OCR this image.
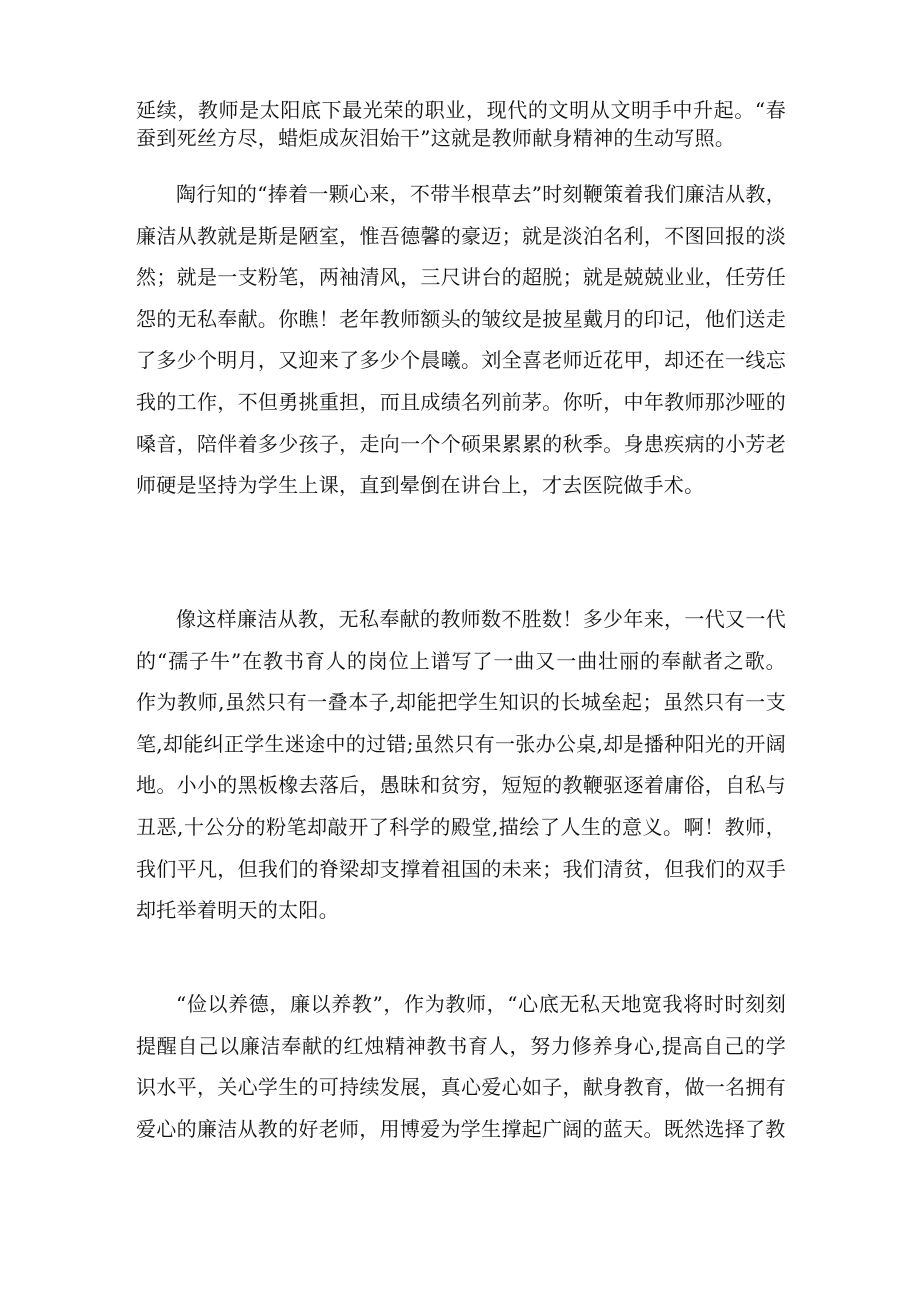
延续，教师是太阳底下最光荣的职业，现代的文明从文明手中升起。“春蚕到死丝方尽，蜡炬成灰泪始干”这就是教师献身精神的生动写照。

陶行知的“捧着一颗心来，不带半根草去”时刻鞭策着我们廉洁从教，廉洁从教就是斯是陋室，惟吾德馨的豪迈；就是淡泊名利，不图回报的淡然；就是一支粉笔，两袖清风，三尺讲台的超脱；就是兢兢业业，任劳任怨的无私奉献。你瞧！老年教师额头的皱纹是披星戴月的印记，他们送走了多少个明月，又迎来了多少个晨曦。刘全喜老师近花甲，却还在一线忘我的工作，不但勇挑重担，而且成绩名列前茅。你听，中年教师那沙哑的嗓音，陪伴着多少孩子，走向一个个硕果累累的秋季。身患疾病的小芳老师硬是坚持为学生上课，直到晕倒在讲台上，才去医院做手术。

像这样廉洁从教，无私奉献的教师数不胜数！多少年来，一代又一代的“孺子牛”在教书育人的岗位上谱写了一曲又一曲壮丽的奉献者之歌。作为教师,虽然只有一叠本子,却能把学生知识的长城垒起；虽然只有一支笔,却能纠正学生迷途中的过错;虽然只有一张办公桌,却是播种阳光的开阔地。小小的黑板橡去落后，愚昧和贫穷，短短的教鞭驱逐着庸俗，自私与丑恶,十公分的粉笔却敲开了科学的殿堂,描绘了人生的意义。啊！教师，我们平凡，但我们的脊梁却支撑着祖国的未来；我们清贫，但我们的双手却托举着明天的太阳。

“俭以养德，廉以养教”，作为教师，“心底无私天地宽我将时时刻刻提醒自己以廉洁奉献的红烛精神教书育人，努力修养身心,提高自己的学识水平，关心学生的可持续发展，真心爱心如子，献身教育，做一名拥有爱心的廉洁从教的好老师，用博爱为学生撑起广阔的蓝天。既然选择了教
